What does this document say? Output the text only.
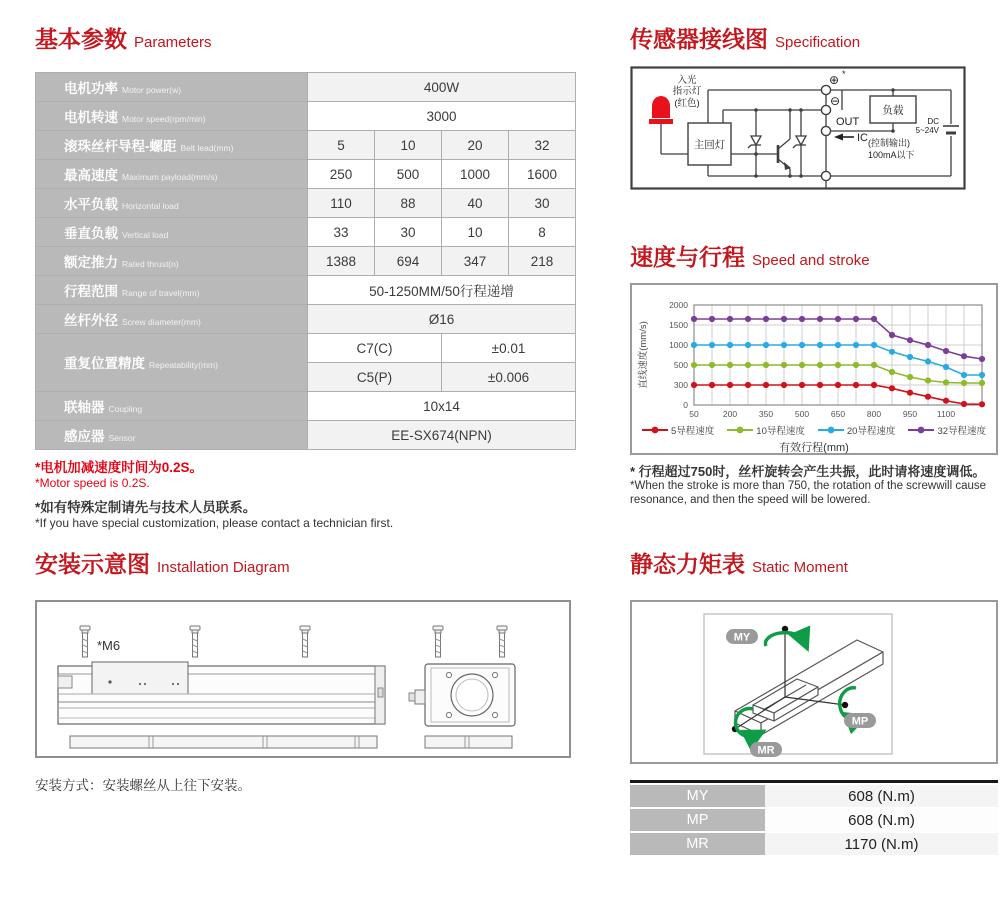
基本参数 Parameters
电机功率 Motor power(w)	400W			
电机转速 Motor speed(rpm/min)	3000			
滚珠丝杆导程-螺距 Belt lead(mm)	5	10	20	32
最高速度 Maximum payload(mm/s)	250	500	1000	1600
水平负载 Horizontal load	110	88	40	30
垂直负载 Vertical load	33	30	10	8
额定推力 Rated thrust(n)	1388	694	347	218
行程范围 Range of travel(mm)	50-1250MM/50行程递增			
丝杆外径 Screw diameter(mm)	Ø16			
重复位置精度 Repeatability(mm)	C7(C)		±0.01	
	C5(P)		±0.006	
联轴器 Coupling	10x14			
感应器 Sensor	EE-SX674(NPN)			

*电机加减速度时间为0.2S。

*Motor speed is 0.2S.

*如有特殊定制请先与技术人员联系。

*If you have special customization, please contact a technician first.

安装示意图 Installation Diagram
*M6

安装方式：安装螺丝从上往下安装。

传感器接线图 Specification
入光
指示灯
(红色)
主回灯
⊕ *
⊖
OUT
IC
负载
DC
5~24V
(控制输出)
100mA以下
速度与行程 Speed and stroke
0
300
500
1000
1500
2000
50	200	350	500	650	800	950 1100
直线速度(mm/s)
5导程速度	10导程速度	20导程速度	32导程速度
有效行程(mm)

* 行程超过750时，丝杆旋转会产生共振，此时请将速度调低。

*When the stroke is more than 750, the rotation of the screwwill cause resonance, and then the speed will be lowered.

静态力矩表 Static Moment
MY
MP
MR
MY	608 (N.m)
MP	608 (N.m)
MR	1170 (N.m)
